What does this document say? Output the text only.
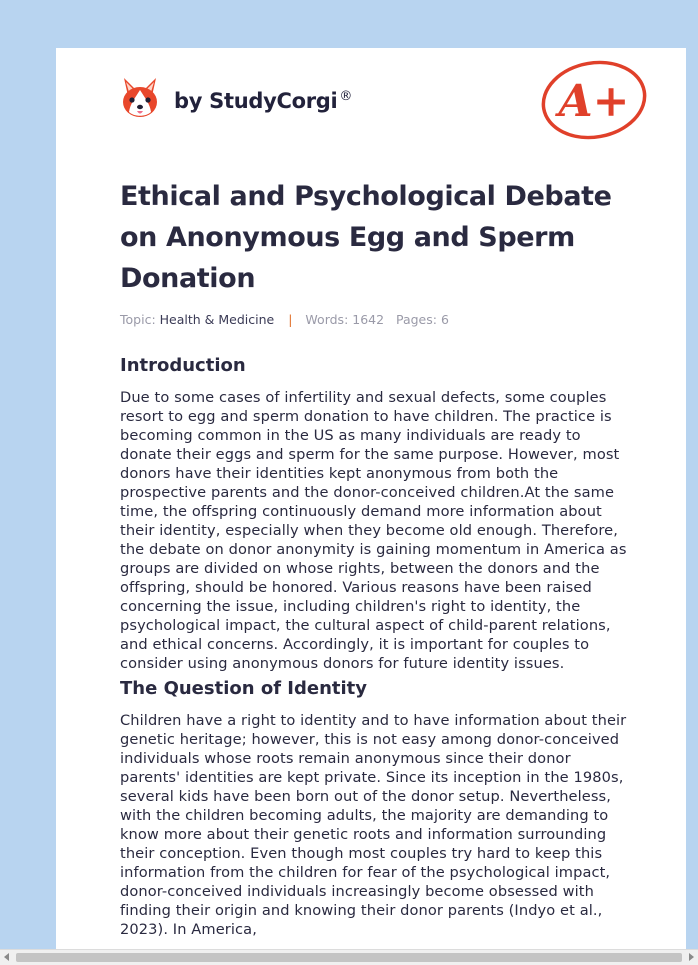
by StudyCorgi ®	A+
Ethical and Psychological Debate on Anonymous Egg and Sperm Donation
Topic: Health & Medicine | Words: 1642 Pages: 6
Introduction

Due to some cases of infertility and sexual defects, some couples resort to egg and sperm donation to have children. The practice is becoming common in the US as many individuals are ready to donate their eggs and sperm for the same purpose. However, most donors have their identities kept anonymous from both the prospective parents and the donor-conceived children.At the same time, the offspring continuously demand more information about their identity, especially when they become old enough. Therefore, the debate on donor anonymity is gaining momentum in America as groups are divided on whose rights, between the donors and the offspring, should be honored. Various reasons have been raised concerning the issue, including children's right to identity, the psychological impact, the cultural aspect of child-parent relations, and ethical concerns. Accordingly, it is important for couples to consider using anonymous donors for future identity issues.

The Question of Identity

Children have a right to identity and to have information about their genetic heritage; however, this is not easy among donor-conceived individuals whose roots remain anonymous since their donor parents' identities are kept private. Since its inception in the 1980s, several kids have been born out of the donor setup. Nevertheless, with the children becoming adults, the majority are demanding to know more about their genetic roots and information surrounding their conception. Even though most couples try hard to keep this information from the children for fear of the psychological impact, donor-conceived individuals increasingly become obsessed with finding their origin and knowing their donor parents (Indyo et al., 2023). In America,
